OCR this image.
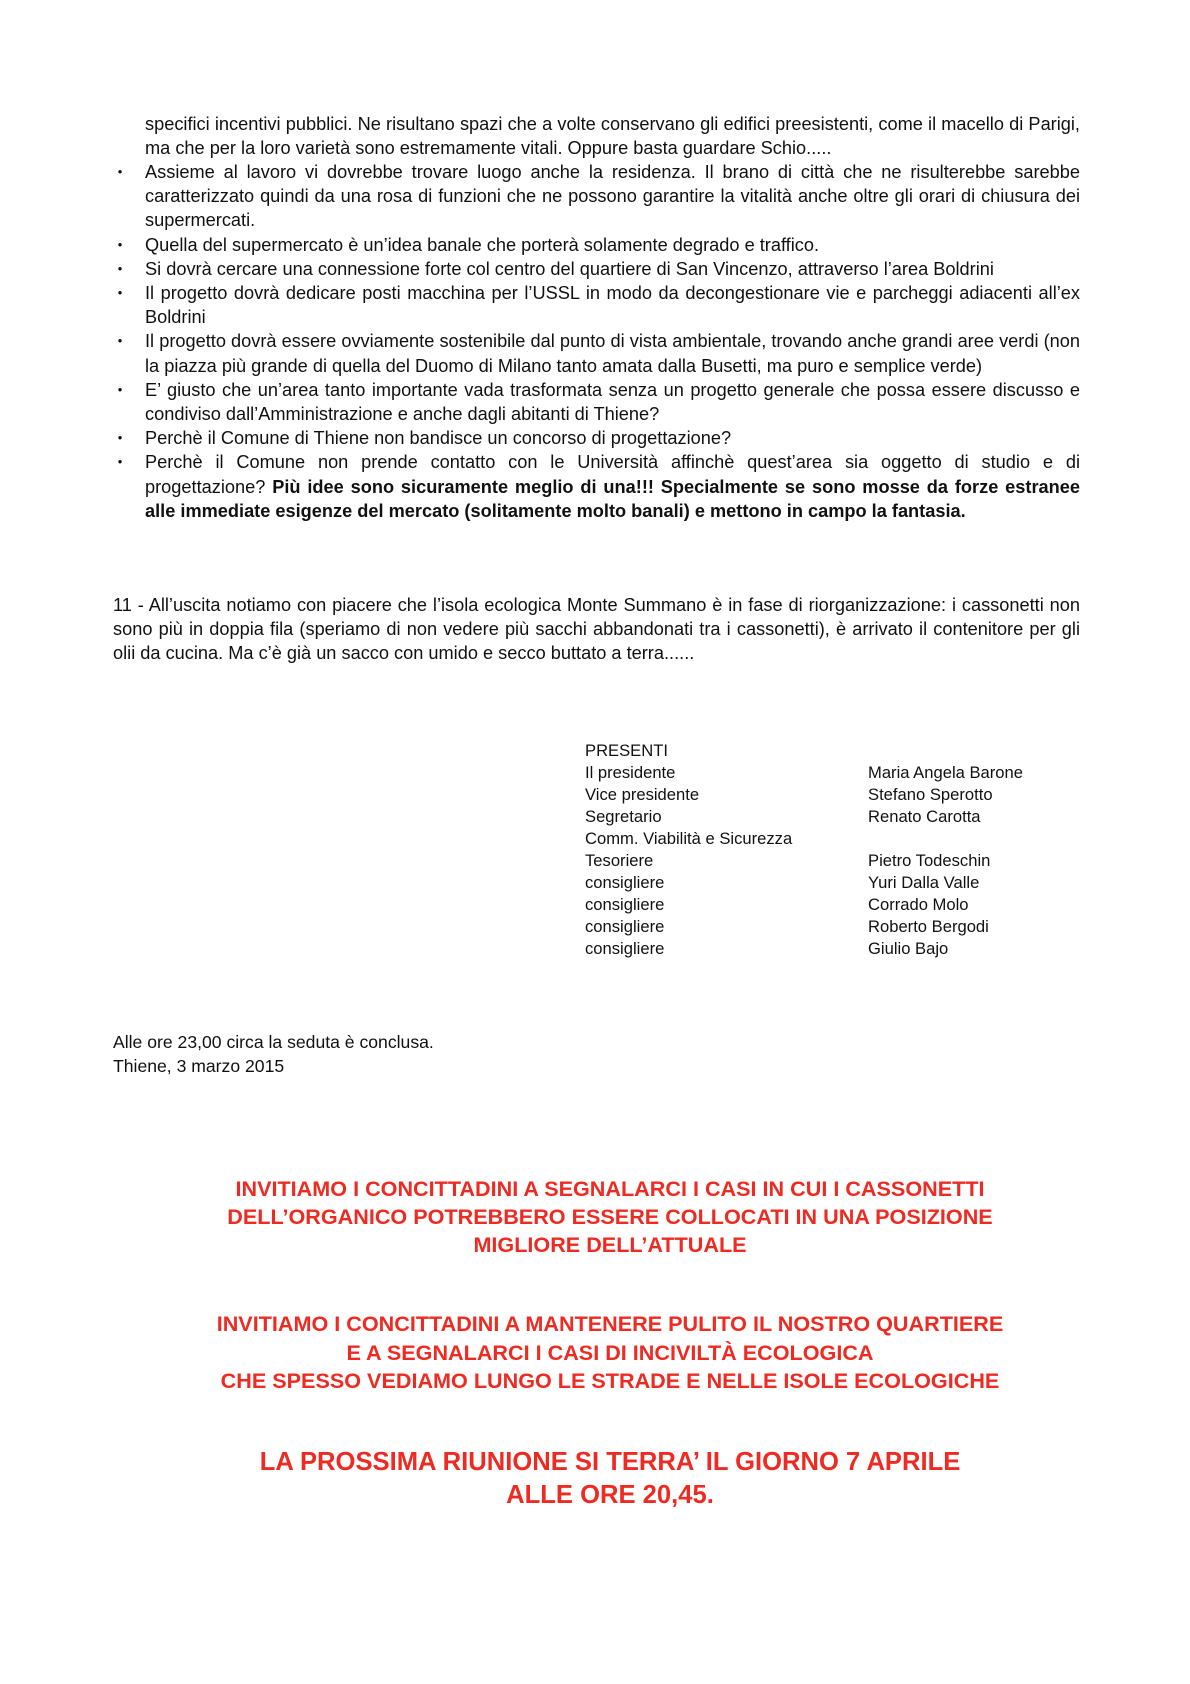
specifici incentivi pubblici. Ne risultano spazi che a volte conservano gli edifici preesistenti, come il macello di Parigi, ma che per la loro varietà sono estremamente vitali. Oppure basta guardare Schio.....

• Assieme al lavoro vi dovrebbe trovare luogo anche la residenza. Il brano di città che ne risulterebbe sarebbe caratterizzato quindi da una rosa di funzioni che ne possono garantire la vitalità anche oltre gli orari di chiusura dei supermercati.
• Quella del supermercato è un’idea banale che porterà solamente degrado e traffico.
• Si dovrà cercare una connessione forte col centro del quartiere di San Vincenzo, attraverso l’area Boldrini
• Il progetto dovrà dedicare posti macchina per l’USSL in modo da decongestionare vie e parcheggi adiacenti all’ex Boldrini
• Il progetto dovrà essere ovviamente sostenibile dal punto di vista ambientale, trovando anche grandi aree verdi (non la piazza più grande di quella del Duomo di Milano tanto amata dalla Busetti, ma puro e semplice verde)
• E’ giusto che un’area tanto importante vada trasformata senza un progetto generale che possa essere discusso e condiviso dall’Amministrazione e anche dagli abitanti di Thiene?
• Perchè il Comune di Thiene non bandisce un concorso di progettazione?
• Perchè il Comune non prende contatto con le Università affinchè quest’area sia oggetto di studio e di progettazione? Più idee sono sicuramente meglio di una!!! Specialmente se sono mosse da forze estranee alle immediate esigenze del mercato (solitamente molto banali) e mettono in campo la fantasia.

11 - All’uscita notiamo con piacere che l’isola ecologica Monte Summano è in fase di riorganizzazione: i cassonetti non sono più in doppia fila (speriamo di non vedere più sacchi abbandonati tra i cassonetti), è arrivato il contenitore per gli olii da cucina. Ma c’è già un sacco con umido e secco buttato a terra......

PRESENTI
Il presidente	Maria Angela Barone
Vice presidente	Stefano Sperotto
Segretario	Renato Carotta
Comm. Viabilità e Sicurezza
Tesoriere	Pietro Todeschin
consigliere	Yuri Dalla Valle
consigliere	Corrado Molo
consigliere	Roberto Bergodi
consigliere	Giulio Bajo
Alle ore 23,00 circa la seduta è conclusa.
Thiene, 3 marzo 2015
INVITIAMO I CONCITTADINI A SEGNALARCI I CASI IN CUI I CASSONETTI
DELL’ORGANICO POTREBBERO ESSERE COLLOCATI IN UNA POSIZIONE
MIGLIORE DELL’ATTUALE
INVITIAMO I CONCITTADINI A MANTENERE PULITO IL NOSTRO QUARTIERE
E A SEGNALARCI I CASI DI INCIVILTÀ ECOLOGICA
CHE SPESSO VEDIAMO LUNGO LE STRADE E NELLE ISOLE ECOLOGICHE
LA PROSSIMA RIUNIONE SI TERRA’ IL GIORNO 7 APRILE
ALLE ORE 20,45.
